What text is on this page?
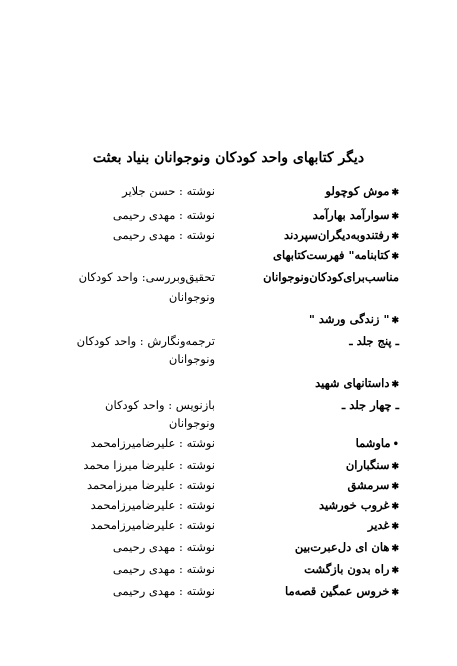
دیگر کتابهای واحد کودکان ونوجوانان بنیاد بعثت
✱ موش کوچولو
نوشته : حسن جلایر
✱ سوارآمد بهارآمد
نوشته : مهدی رحیمی
✱ رفتندوبه‌دیگران‌سپردند
نوشته : مهدی رحیمی
✱ کتابنامه" فهرست‌کتابهای
مناسب‌برای‌کودکان‌ونوجوانان
تحقیق‌وبررسی: واحد کودکان
ونوجوانان
✱ " زندگی ورشد "
ـ پنج جلد ـ
ترجمه‌ونگارش : واحد کودکان
ونوجوانان
✱ داستانهای شهید
ـ چهار جلد ـ
بازنویس : واحد کودکان
ونوجوانان
• ماوشما
نوشته : علیرضامیرزامحمد
✱ سنگباران
نوشته : علیرضا میرزا محمد
✱ سرمشق
نوشته : علیرضا میرزامحمد
✱ غروب خورشید
نوشته : علیرضامیرزامحمد
✱ غدیر
نوشته : علیرضامیرزامحمد
✱ هان ای دل‌عبرت‌بین
نوشته : مهدی رحیمی
✱ راه بدون بازگشت
نوشته : مهدی رحیمی
✱ خروس عمگین قصه‌ما
نوشته : مهدی رحیمی
